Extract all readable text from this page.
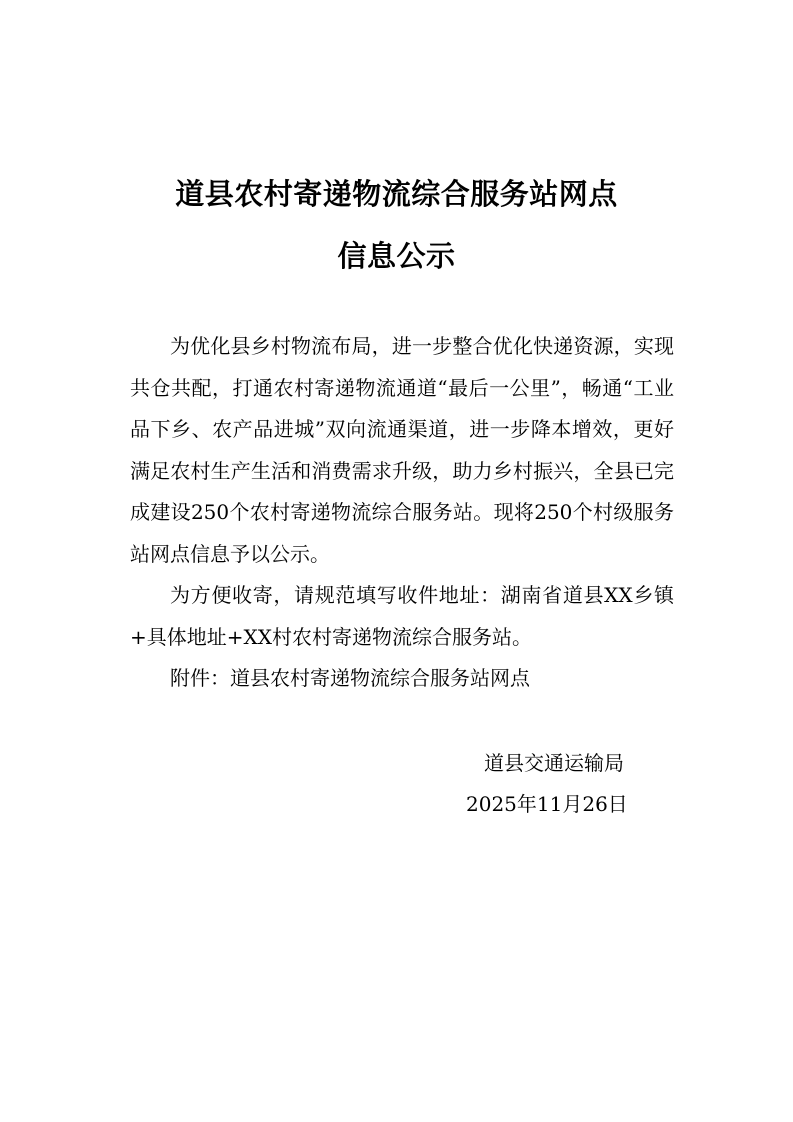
道县农村寄递物流综合服务站网点
信息公示

为优化县乡村物流布局，进一步整合优化快递资源，实现共仓共配，打通农村寄递物流通道“最后一公里”，畅通“工业品下乡、农产品进城”双向流通渠道，进一步降本增效，更好满足农村生产生活和消费需求升级，助力乡村振兴，全县已完成建设250个农村寄递物流综合服务站。现将250个村级服务站网点信息予以公示。

为方便收寄，请规范填写收件地址：湖南省道县XX乡镇+具体地址+XX村农村寄递物流综合服务站。

附件：道县农村寄递物流综合服务站网点

道县交通运输局
2025年11月26日
